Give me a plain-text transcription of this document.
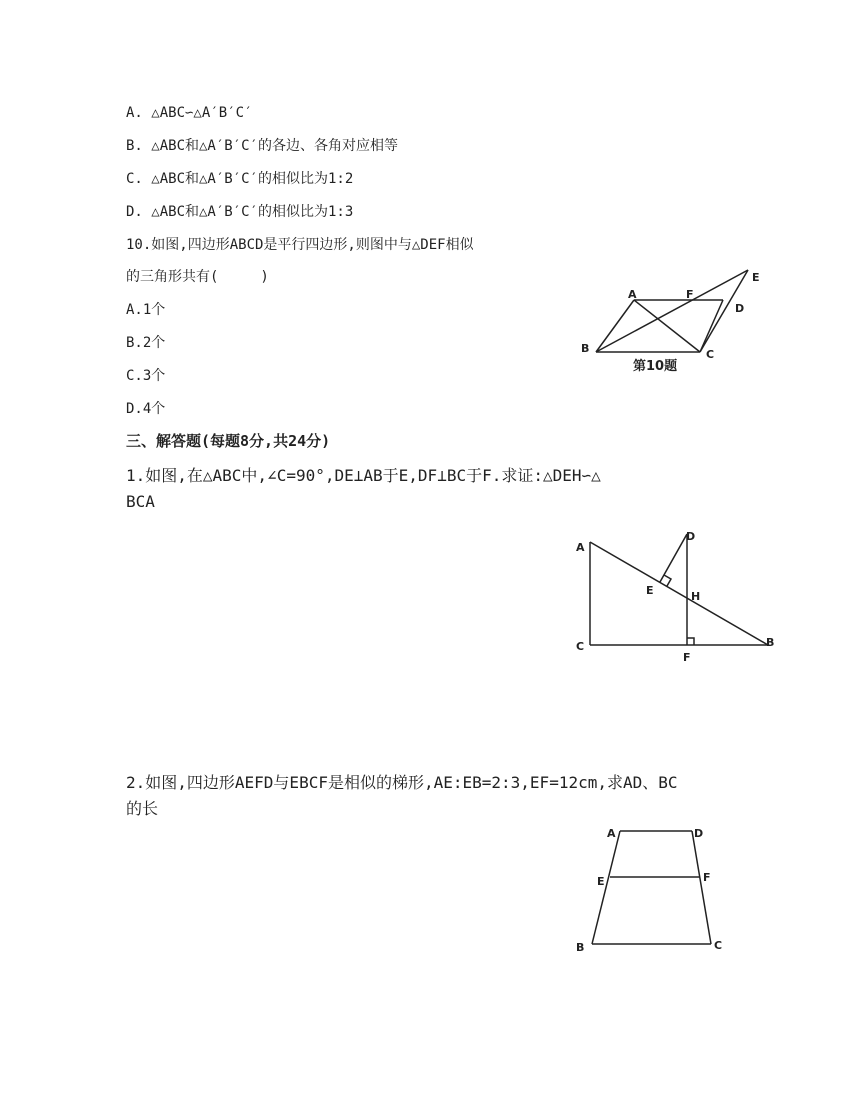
A. △ABC∽△A′B′C′
B. △ABC和△A′B′C′的各边、各角对应相等
C. △ABC和△A′B′C′的相似比为1:2
D. △ABC和△A′B′C′的相似比为1:3
10.如图,四边形ABCD是平行四边形,则图中与△DEF相似
的三角形共有(　　　)
A.1个
B.2个
C.3个
D.4个
A	F
D
E
B	C
第10题
三、解答题(每题8分,共24分)
1.如图,在△ABC中,∠C=90°,DE⊥AB于E,DF⊥BC于F.求证:△DEH∽△
BCA
A
C
D
E	H
F
B
2.如图,四边形AEFD与EBCF是相似的梯形,AE:EB=2:3,EF=12cm,求AD、BC
的长
A	D
E	F
B	C
